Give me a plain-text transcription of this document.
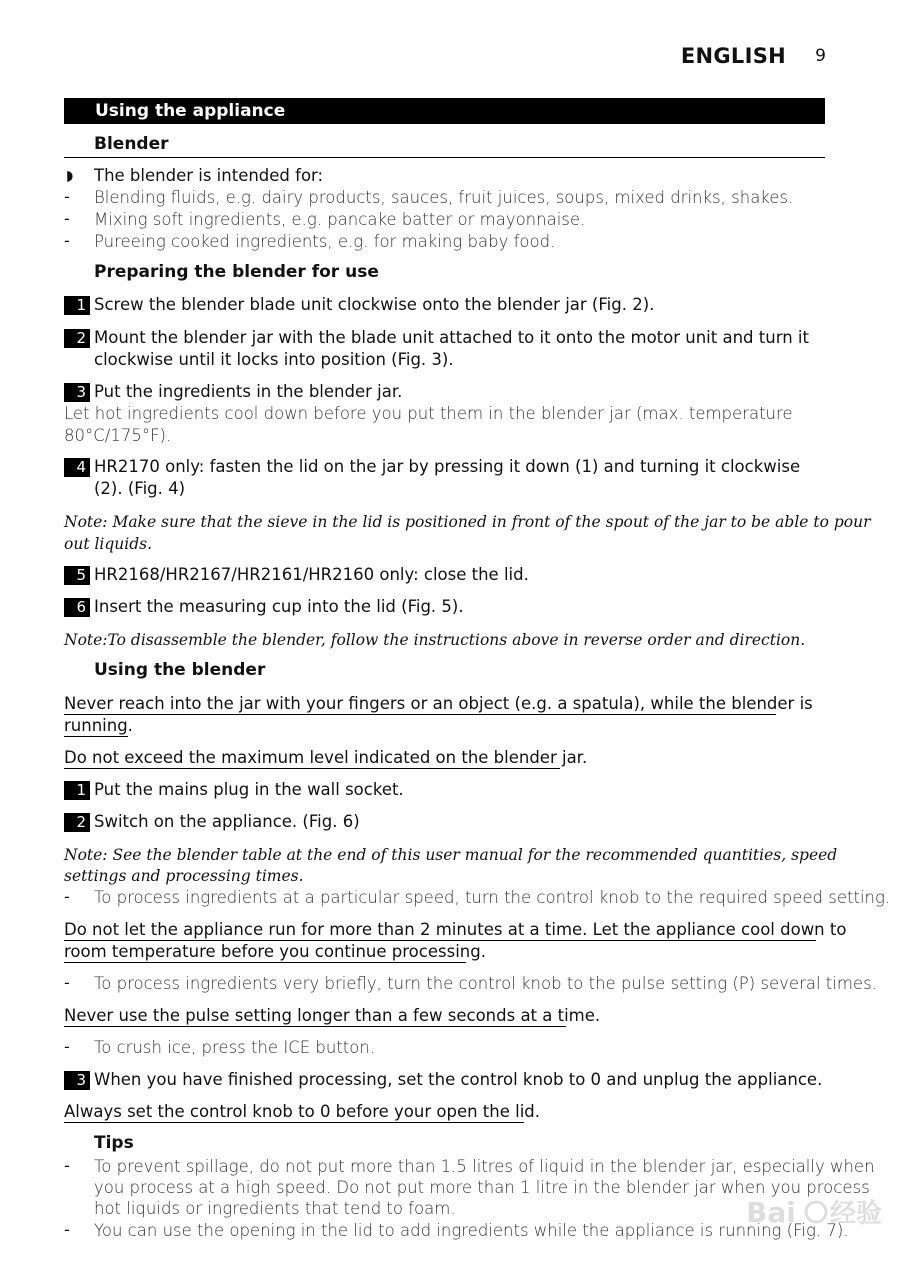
ENGLISH 9
Using the appliance
Blender
◗ The blender is intended for:
- Blending fluids, e.g. dairy products, sauces, fruit juices, soups, mixed drinks, shakes.
- Mixing soft ingredients, e.g. pancake batter or mayonnaise.
- Pureeing cooked ingredients, e.g. for making baby food.
Preparing the blender for use
1 Screw the blender blade unit clockwise onto the blender jar (Fig. 2).
2 Mount the blender jar with the blade unit attached to it onto the motor unit and turn it
clockwise until it locks into position (Fig. 3).
3 Put the ingredients in the blender jar.
Let hot ingredients cool down before you put them in the blender jar (max. temperature
80°C/175°F).
4 HR2170 only: fasten the lid on the jar by pressing it down (1) and turning it clockwise
(2). (Fig. 4)
Note: Make sure that the sieve in the lid is positioned in front of the spout of the jar to be able to pour
out liquids.
5 HR2168/HR2167/HR2161/HR2160 only: close the lid.
6 Insert the measuring cup into the lid (Fig. 5).
Note:To disassemble the blender, follow the instructions above in reverse order and direction.
Using the blender
Never reach into the jar with your fingers or an object (e.g. a spatula), while the blender is
running.
Do not exceed the maximum level indicated on the blender jar.
1 Put the mains plug in the wall socket.
2 Switch on the appliance. (Fig. 6)
Note: See the blender table at the end of this user manual for the recommended quantities, speed
settings and processing times.
- To process ingredients at a particular speed, turn the control knob to the required speed setting.
Do not let the appliance run for more than 2 minutes at a time. Let the appliance cool down to
room temperature before you continue processing.
- To process ingredients very briefly, turn the control knob to the pulse setting (P) several times.
Never use the pulse setting longer than a few seconds at a time.
- To crush ice, press the ICE button.
3 When you have finished processing, set the control knob to 0 and unplug the appliance.
Always set the control knob to 0 before your open the lid.
Tips
- To prevent spillage, do not put more than 1.5 litres of liquid in the blender jar, especially when
you process at a high speed. Do not put more than 1 litre in the blender jar when you process
hot liquids or ingredients that tend to foam.
- You can use the opening in the lid to add ingredients while the appliance is running (Fig. 7).
Bai 经验
